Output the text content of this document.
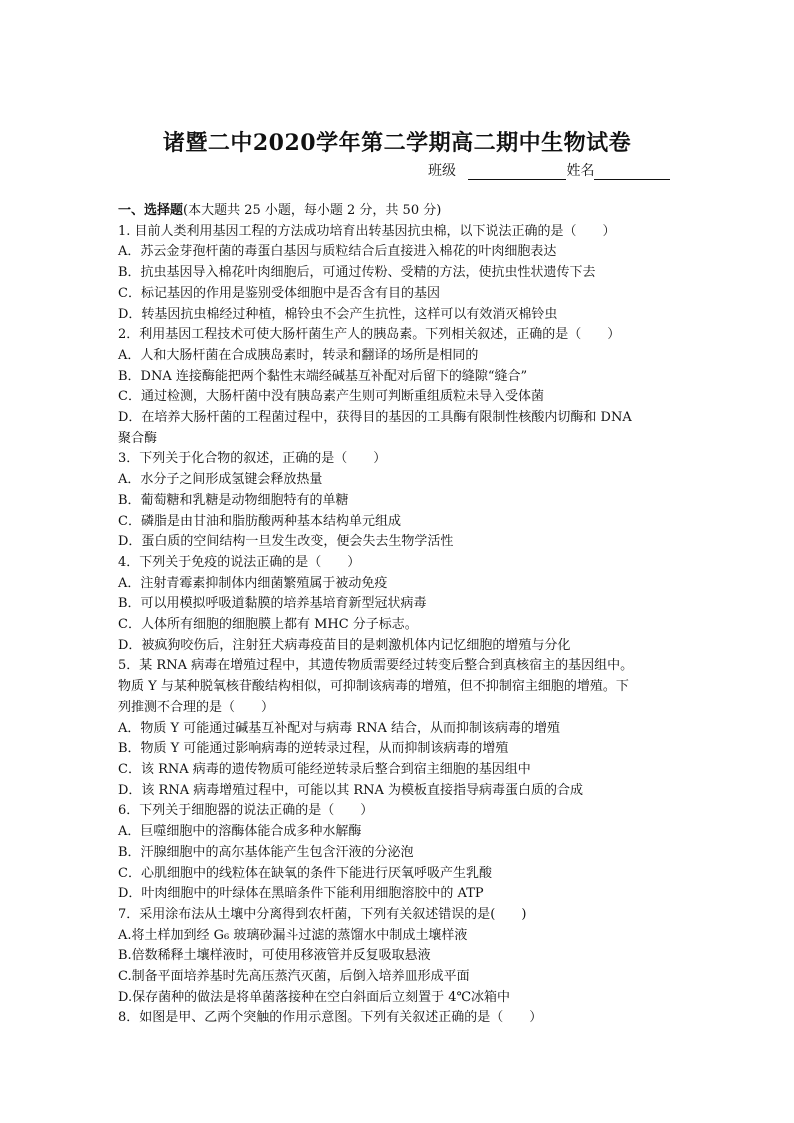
诸暨二中2020学年第二学期高二期中生物试卷
班级	姓名
一、选择题(本大题共 25 小题，每小题 2 分，共 50 分)
1. 目前人类利用基因工程的方法成功培育出转基因抗虫棉，以下说法正确的是（　　）
A．苏云金芽孢杆菌的毒蛋白基因与质粒结合后直接进入棉花的叶肉细胞表达
B．抗虫基因导入棉花叶肉细胞后，可通过传粉、受精的方法，使抗虫性状遗传下去
C．标记基因的作用是鉴别受体细胞中是否含有目的基因
D．转基因抗虫棉经过种植，棉铃虫不会产生抗性，这样可以有效消灭棉铃虫
2．利用基因工程技术可使大肠杆菌生产人的胰岛素。下列相关叙述，正确的是（　　）
A．人和大肠杆菌在合成胰岛素时，转录和翻译的场所是相同的
B．DNA 连接酶能把两个黏性末端经碱基互补配对后留下的缝隙“缝合”
C．通过检测，大肠杆菌中没有胰岛素产生则可判断重组质粒未导入受体菌
D．在培养大肠杆菌的工程菌过程中，获得目的基因的工具酶有限制性核酸内切酶和 DNA
聚合酶
3．下列关于化合物的叙述，正确的是（　　）
A．水分子之间形成氢键会释放热量
B．葡萄糖和乳糖是动物细胞特有的单糖
C．磷脂是由甘油和脂肪酸两种基本结构单元组成
D．蛋白质的空间结构一旦发生改变，便会失去生物学活性
4．下列关于免疫的说法正确的是（　　）
A．注射青霉素抑制体内细菌繁殖属于被动免疫
B．可以用模拟呼吸道黏膜的培养基培育新型冠状病毒
C．人体所有细胞的细胞膜上都有 MHC 分子标志。
D．被疯狗咬伤后，注射狂犬病毒疫苗目的是刺激机体内记忆细胞的增殖与分化
5．某 RNA 病毒在增殖过程中，其遗传物质需要经过转变后整合到真核宿主的基因组中。
物质 Y 与某种脱氧核苷酸结构相似，可抑制该病毒的增殖，但不抑制宿主细胞的增殖。下
列推测不合理的是（　　）
A．物质 Y 可能通过碱基互补配对与病毒 RNA 结合，从而抑制该病毒的增殖
B．物质 Y 可能通过影响病毒的逆转录过程，从而抑制该病毒的增殖
C．该 RNA 病毒的遗传物质可能经逆转录后整合到宿主细胞的基因组中
D．该 RNA 病毒增殖过程中，可能以其 RNA 为模板直接指导病毒蛋白质的合成
6．下列关于细胞器的说法正确的是（　　）
A．巨噬细胞中的溶酶体能合成多种水解酶
B．汗腺细胞中的高尔基体能产生包含汗液的分泌泡
C．心肌细胞中的线粒体在缺氧的条件下能进行厌氧呼吸产生乳酸
D．叶肉细胞中的叶绿体在黑暗条件下能利用细胞溶胶中的 ATP
7．采用涂布法从土壤中分离得到农杆菌，下列有关叙述错误的是(　　)
A.将土样加到经 G₆ 玻璃砂漏斗过滤的蒸馏水中制成土壤样液
B.倍数稀释土壤样液时，可使用移液管并反复吸取悬液
C.制备平面培养基时先高压蒸汽灭菌，后倒入培养皿形成平面
D.保存菌种的做法是将单菌落接种在空白斜面后立刻置于 4℃冰箱中
8．如图是甲、乙两个突触的作用示意图。下列有关叙述正确的是（　　）
